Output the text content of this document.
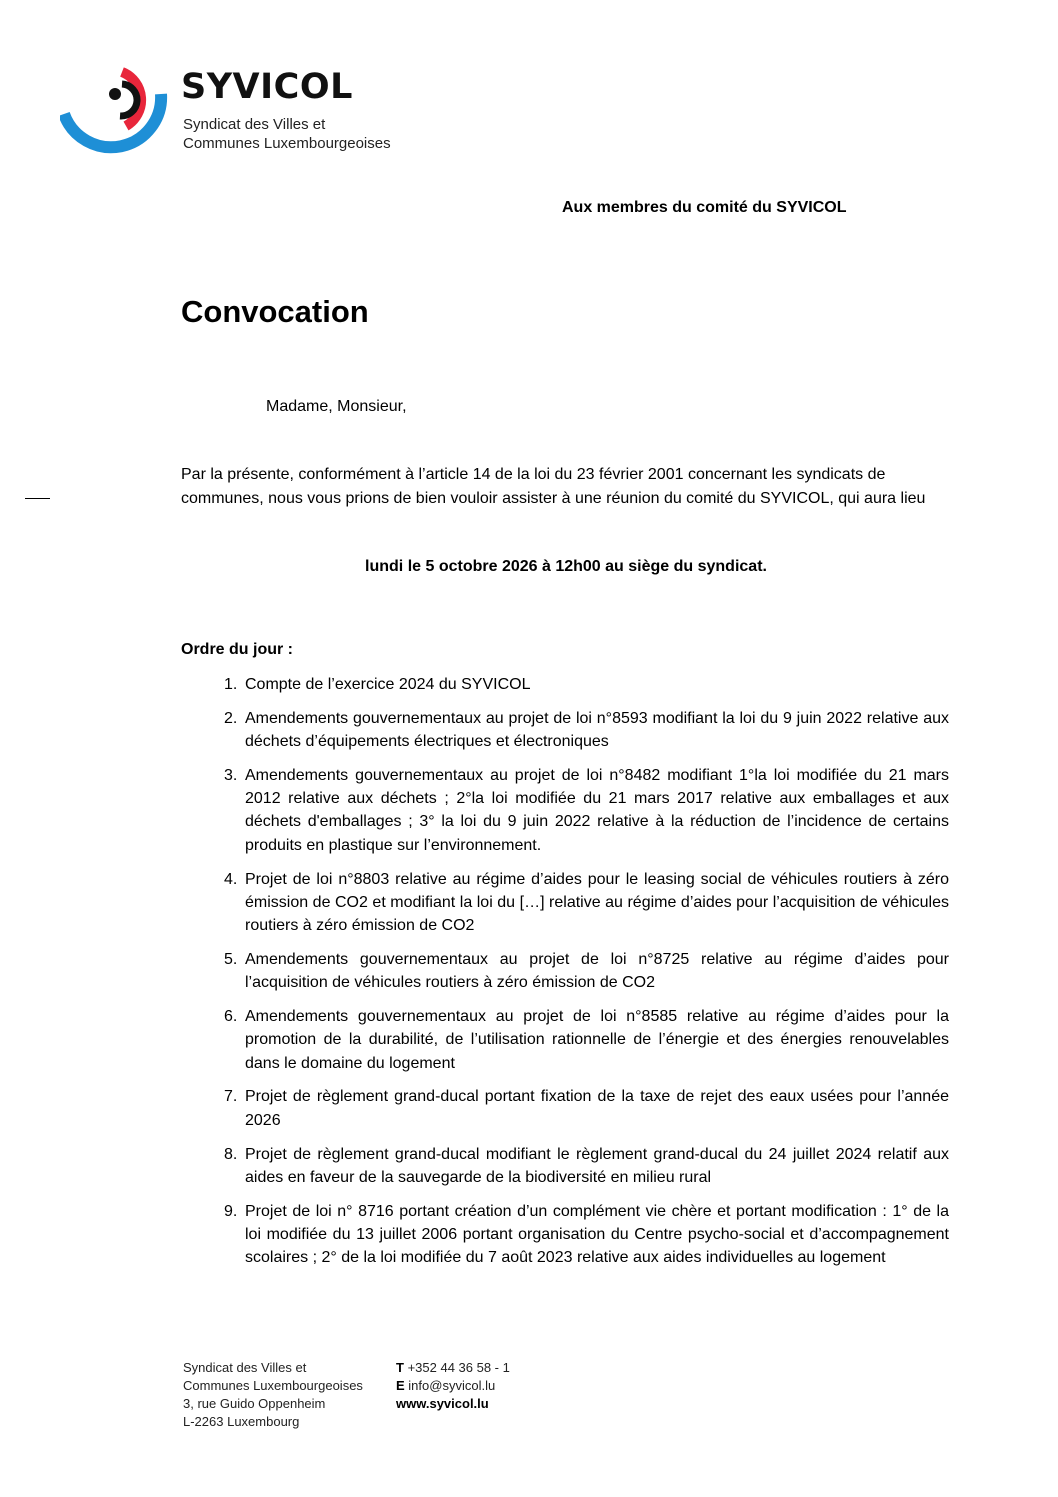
SYVICOL
Syndicat des Villes et
Communes Luxembourgeoises
Aux membres du comité du SYVICOL
Convocation
Madame, Monsieur,
Par la présente, conformément à l’article 14 de la loi du 23 février 2001 concernant les syndicats de communes, nous vous prions de bien vouloir assister à une réunion du comité du SYVICOL, qui aura lieu
lundi le 5 octobre 2026 à 12h00 au siège du syndicat.
Ordre du jour :
1. Compte de l’exercice 2024 du SYVICOL
2. Amendements gouvernementaux au projet de loi n°8593 modifiant la loi du 9 juin 2022 relative aux déchets d’équipements électriques et électroniques
3. Amendements gouvernementaux au projet de loi n°8482 modifiant 1°la loi modifiée du 21 mars 2012 relative aux déchets ; 2°la loi modifiée du 21 mars 2017 relative aux emballages et aux déchets d'emballages ; 3° la loi du 9 juin 2022 relative à la réduction de l’incidence de certains produits en plastique sur l’environnement.
4. Projet de loi n°8803 relative au régime d’aides pour le leasing social de véhicules routiers à zéro émission de CO2 et modifiant la loi du […] relative au régime d’aides pour l’acquisition de véhicules routiers à zéro émission de CO2
5. Amendements gouvernementaux au projet de loi n°8725 relative au régime d’aides pour l’acquisition de véhicules routiers à zéro émission de CO2
6. Amendements gouvernementaux au projet de loi n°8585 relative au régime d’aides pour la promotion de la durabilité, de l’utilisation rationnelle de l’énergie et des énergies renouvelables dans le domaine du logement
7. Projet de règlement grand-ducal portant fixation de la taxe de rejet des eaux usées pour l’année 2026
8. Projet de règlement grand-ducal modifiant le règlement grand-ducal du 24 juillet 2024 relatif aux aides en faveur de la sauvegarde de la biodiversité en milieu rural
9. Projet de loi n° 8716 portant création d’un complément vie chère et portant modification : 1° de la loi modifiée du 13 juillet 2006 portant organisation du Centre psycho-social et d’accompagnement scolaires ; 2° de la loi modifiée du 7 août 2023 relative aux aides individuelles au logement
Syndicat des Villes et
Communes Luxembourgeoises
3, rue Guido Oppenheim
L-2263 Luxembourg
T +352 44 36 58 - 1
E info@syvicol.lu
www.syvicol.lu
